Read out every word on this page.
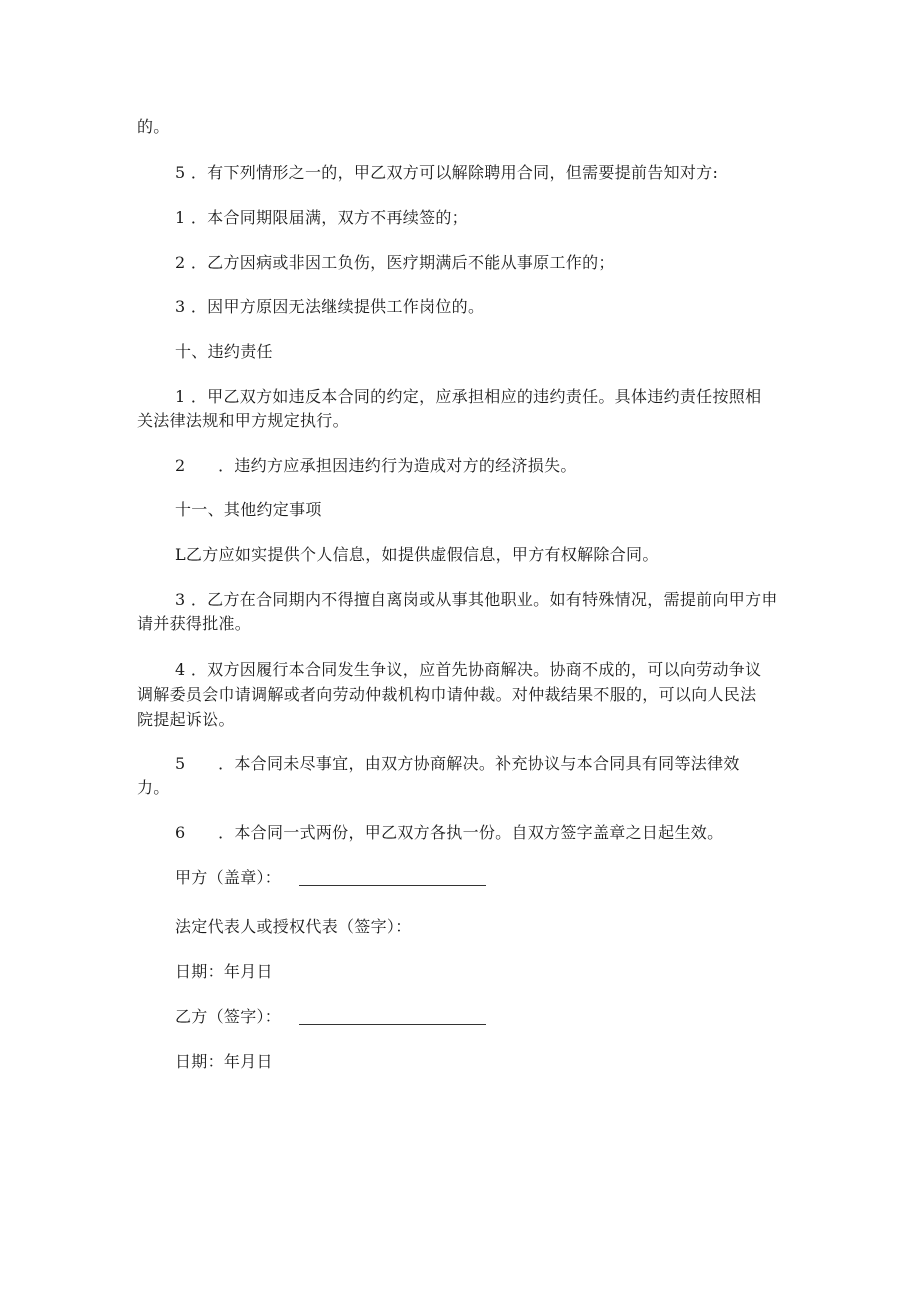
的。
5 ．有下列情形之一的，甲乙双方可以解除聘用合同，但需要提前告知对方:
1 ．本合同期限届满，双方不再续签的；
2 ．乙方因病或非因工负伤，医疗期满后不能从事原工作的；
3 ．因甲方原因无法继续提供工作岗位的。
十、违约责任
1 ．甲乙双方如违反本合同的约定，应承担相应的违约责任。具体违约责任按照相
关法律法规和甲方规定执行。
2　　．违约方应承担因违约行为造成对方的经济损失。
十一、其他约定事项
L乙方应如实提供个人信息，如提供虚假信息，甲方有权解除合同。
3 ．乙方在合同期内不得擅自离岗或从事其他职业。如有特殊情况，需提前向甲方申
请并获得批准。
4 ．双方因履行本合同发生争议，应首先协商解决。协商不成的，可以向劳动争议
调解委员会巾请调解或者向劳动仲裁机构巾请仲裁。对仲裁结果不服的，可以向人民法
院提起诉讼。
5　　．本合同未尽事宜，由双方协商解决。补充协议与本合同具有同等法律效
力。
6　　．本合同一式两份，甲乙双方各执一份。自双方签字盖章之日起生效。
甲方（盖章）：
法定代表人或授权代表（签字）：
日期：年月日
乙方（签字）：
日期：年月日
